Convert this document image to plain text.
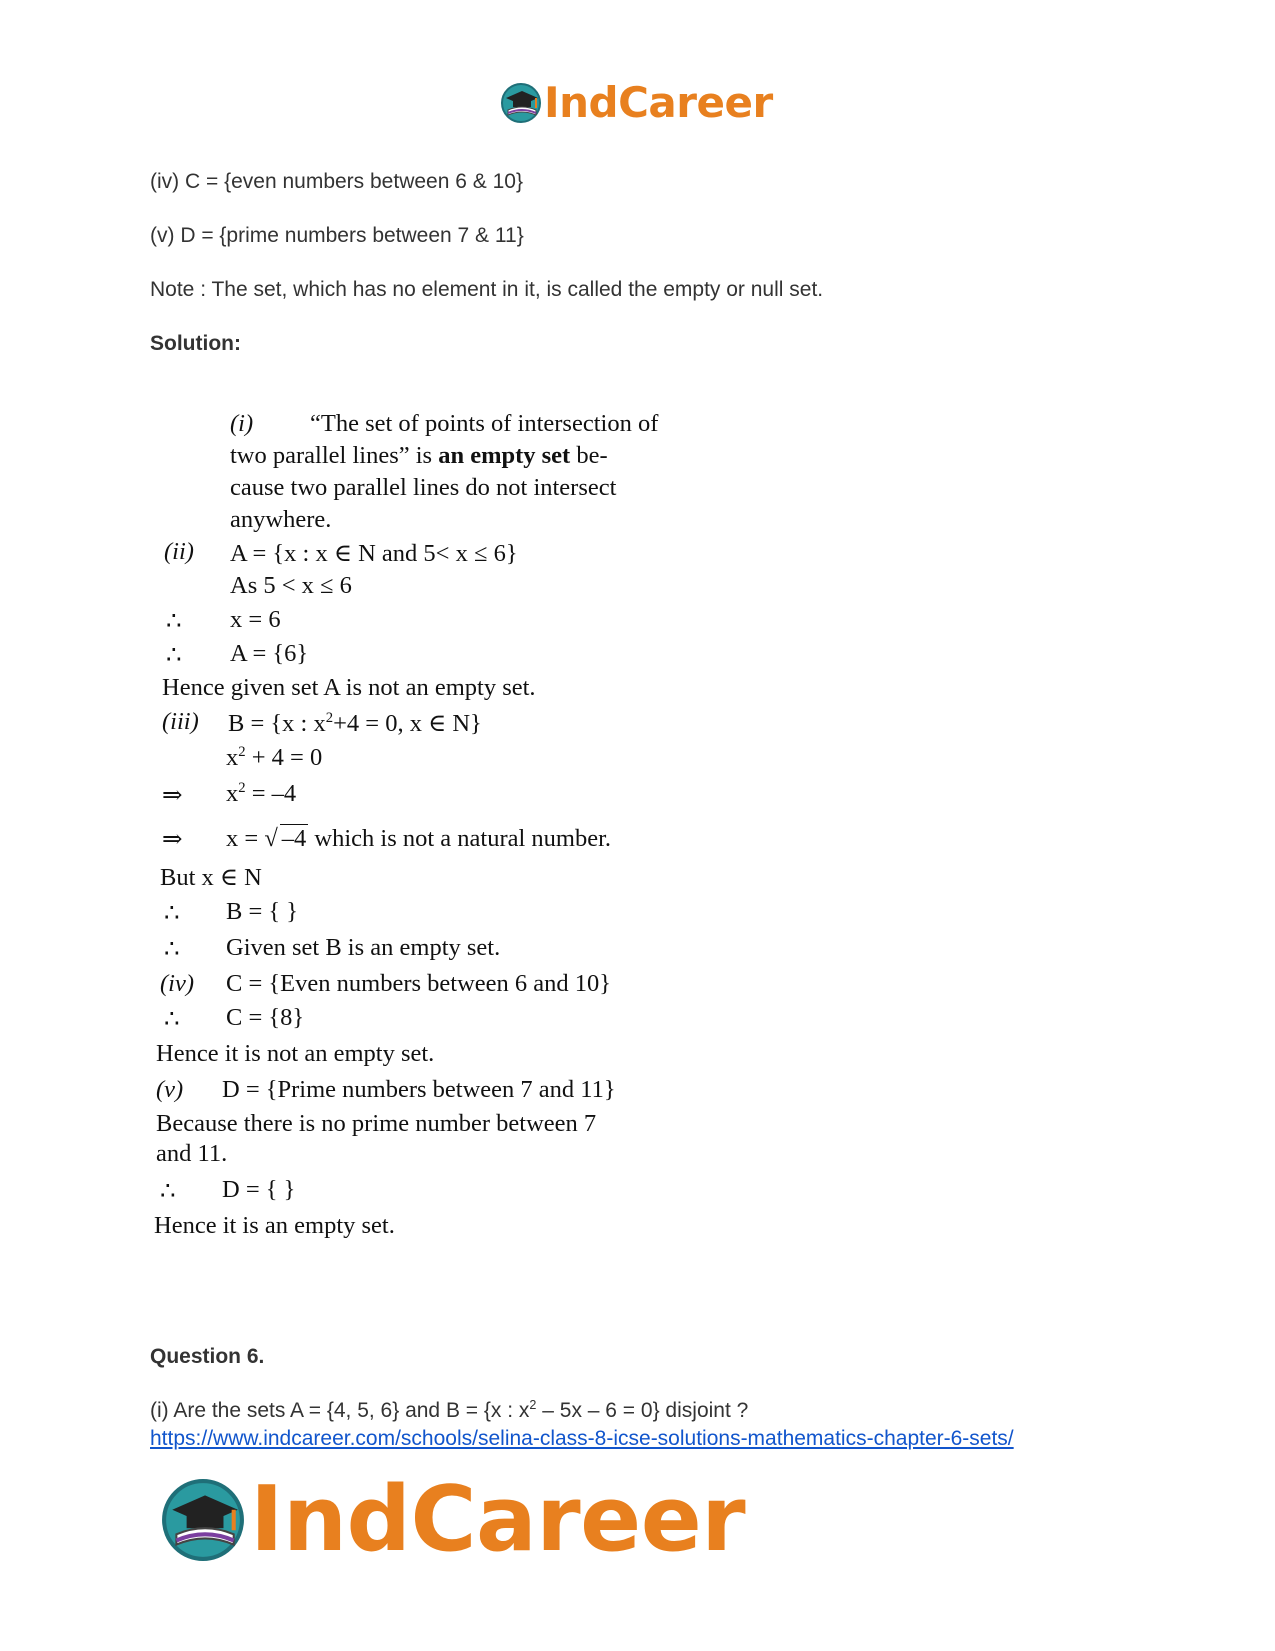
IndCareer
(iv) C = {even numbers between 6 & 10}
(v) D = {prime numbers between 7 & 11}
Note : The set, which has no element in it, is called the empty or null set.
Solution:
(i) “The set of points of intersection of
two parallel lines” is an empty set be-
cause two parallel lines do not intersect
anywhere.
(ii) A = {x : x ∈ N and 5< x ≤ 6}
As 5 < x ≤ 6
∴ x = 6
∴ A = {6}
Hence given set A is not an empty set.
(iii) B = {x : $x^2+4 = 0$, x ∈ N}
$x^2 + 4 = 0$
⇒ $x^2 = -4$
⇒ x = √ –4 which is not a natural number.
But x ∈ N
∴ B = { }
∴ Given set B is an empty set.
(iv) C = {Even numbers between 6 and 10}
∴ C = {8}
Hence it is not an empty set.
(v) D = {Prime numbers between 7 and 11}
Because there is no prime number between 7
and 11.
∴ D = { }
Hence it is an empty set.
Question 6.
(i) Are the sets A = {4, 5, 6} and B = {x : $x^2 - 5x - 6 = 0$} disjoint ?
https://www.indcareer.com/schools/selina-class-8-icse-solutions-mathematics-chapter-6-sets/
IndCareer
